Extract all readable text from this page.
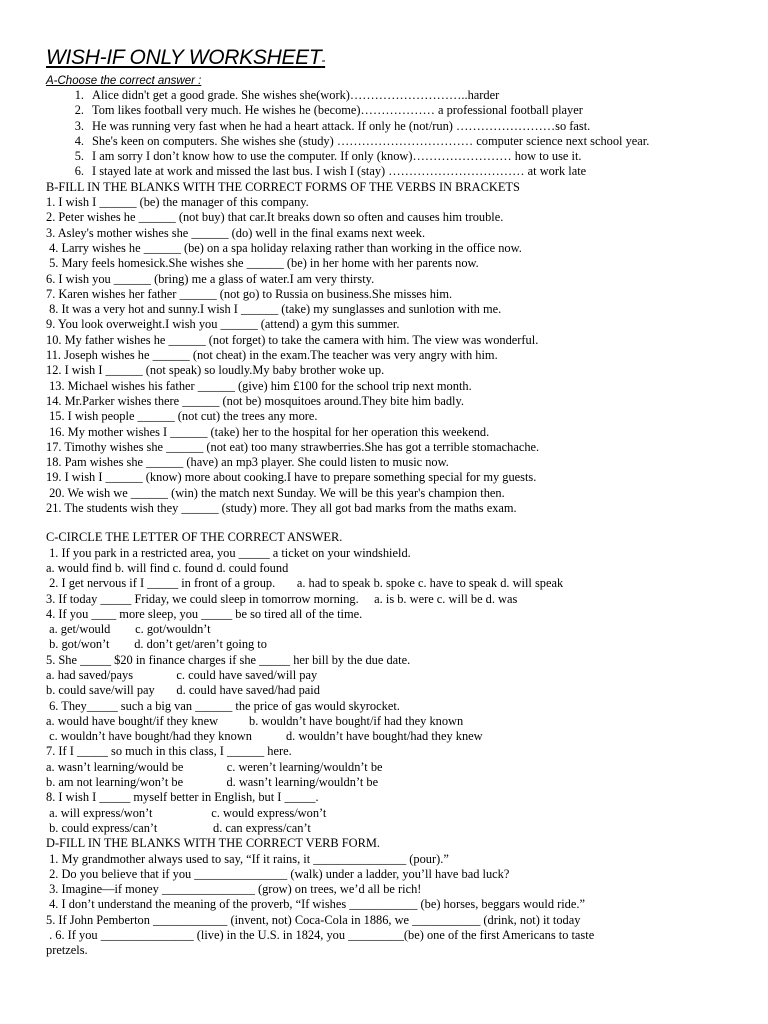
WISH-IF ONLY WORKSHEET-
A-Choose the correct answer :
1. Alice didn't get a good grade. She wishes she(work)………………………..harder
2. Tom likes football very much. He wishes he (become)……………… a professional football player
3. He was running very fast when he had a heart attack. If only he (not/run) ……………………so fast.
4. She's keen on computers. She wishes she (study) …………………………… computer science next school year.
5. I am sorry I don’t know how to use the computer. If only (know)…………………… how to use it.
6. I stayed late at work and missed the last bus. I wish I (stay) …………………………… at work late
B-FILL IN THE BLANKS WITH THE CORRECT FORMS OF THE VERBS IN BRACKETS
1. I wish I ______ (be) the manager of this company.
2. Peter wishes he ______ (not buy) that car.It breaks down so often and causes him trouble.
3. Asley's mother wishes she ______ (do) well in the final exams next week.
4. Larry wishes he ______ (be) on a spa holiday relaxing rather than working in the office now.
5. Mary feels homesick.She wishes she ______ (be) in her home with her parents now.
6. I wish you ______ (bring) me a glass of water.I am very thirsty.
7. Karen wishes her father ______ (not go) to Russia on business.She misses him.
8. It was a very hot and sunny.I wish I ______ (take) my sunglasses and sunlotion with me.
9. You look overweight.I wish you ______ (attend) a gym this summer.
10. My father wishes he ______ (not forget) to take the camera with him. The view was wonderful.
11. Joseph wishes he ______ (not cheat) in the exam.The teacher was very angry with him.
12. I wish I ______ (not speak) so loudly.My baby brother woke up.
13. Michael wishes his father ______ (give) him £100 for the school trip next month.
14. Mr.Parker wishes there ______ (not be) mosquitoes around.They bite him badly.
15. I wish people ______ (not cut) the trees any more.
16. My mother wishes I ______ (take) her to the hospital for her operation this weekend.
17. Timothy wishes she ______ (not eat) too many strawberries.She has got a terrible stomachache.
18. Pam wishes she ______ (have) an mp3 player. She could listen to music now.
19. I wish I ______ (know) more about cooking.I have to prepare something special for my guests.
20. We wish we ______ (win) the match next Sunday. We will be this year's champion then.
21. The students wish they ______ (study) more. They all got bad marks from the maths exam.
C-CIRCLE THE LETTER OF THE CORRECT ANSWER.
1. If you park in a restricted area, you _____ a ticket on your windshield.
a. would find b. will find c. found d. could found
2. I get nervous if I _____ in front of a group.       a. had to speak b. spoke c. have to speak d. will speak
3. If today _____ Friday, we could sleep in tomorrow morning.     a. is b. were c. will be d. was
4. If you ____ more sleep, you _____ be so tired all of the time.
a. get/would        c. got/wouldn’t
b. got/won’t        d. don’t get/aren’t going to
5. She _____ $20 in finance charges if she _____ her bill by the due date.
a. had saved/pays              c. could have saved/will pay
b. could save/will pay       d. could have saved/had paid
6. They_____ such a big van ______ the price of gas would skyrocket.
a. would have bought/if they knew          b. wouldn’t have bought/if had they known
c. wouldn’t have bought/had they known           d. wouldn’t have bought/had they knew
7. If I _____ so much in this class, I ______ here.
a. wasn’t learning/would be              c. weren’t learning/wouldn’t be
b. am not learning/won’t be              d. wasn’t learning/wouldn’t be
8. I wish I _____ myself better in English, but I _____.
a. will express/won’t                   c. would express/won’t
b. could express/can’t                  d. can express/can’t
D-FILL IN THE BLANKS WITH THE CORRECT VERB FORM.
1. My grandmother always used to say, “If it rains, it _______________ (pour).”
2. Do you believe that if you _______________ (walk) under a ladder, you’ll have bad luck?
3. Imagine—if money _______________ (grow) on trees, we’d all be rich!
4. I don’t understand the meaning of the proverb, “If wishes ___________ (be) horses, beggars would ride.”
5. If John Pemberton ____________ (invent, not) Coca-Cola in 1886, we ___________ (drink, not) it today
. 6. If you _______________ (live) in the U.S. in 1824, you _________(be) one of the first Americans to taste
pretzels.
